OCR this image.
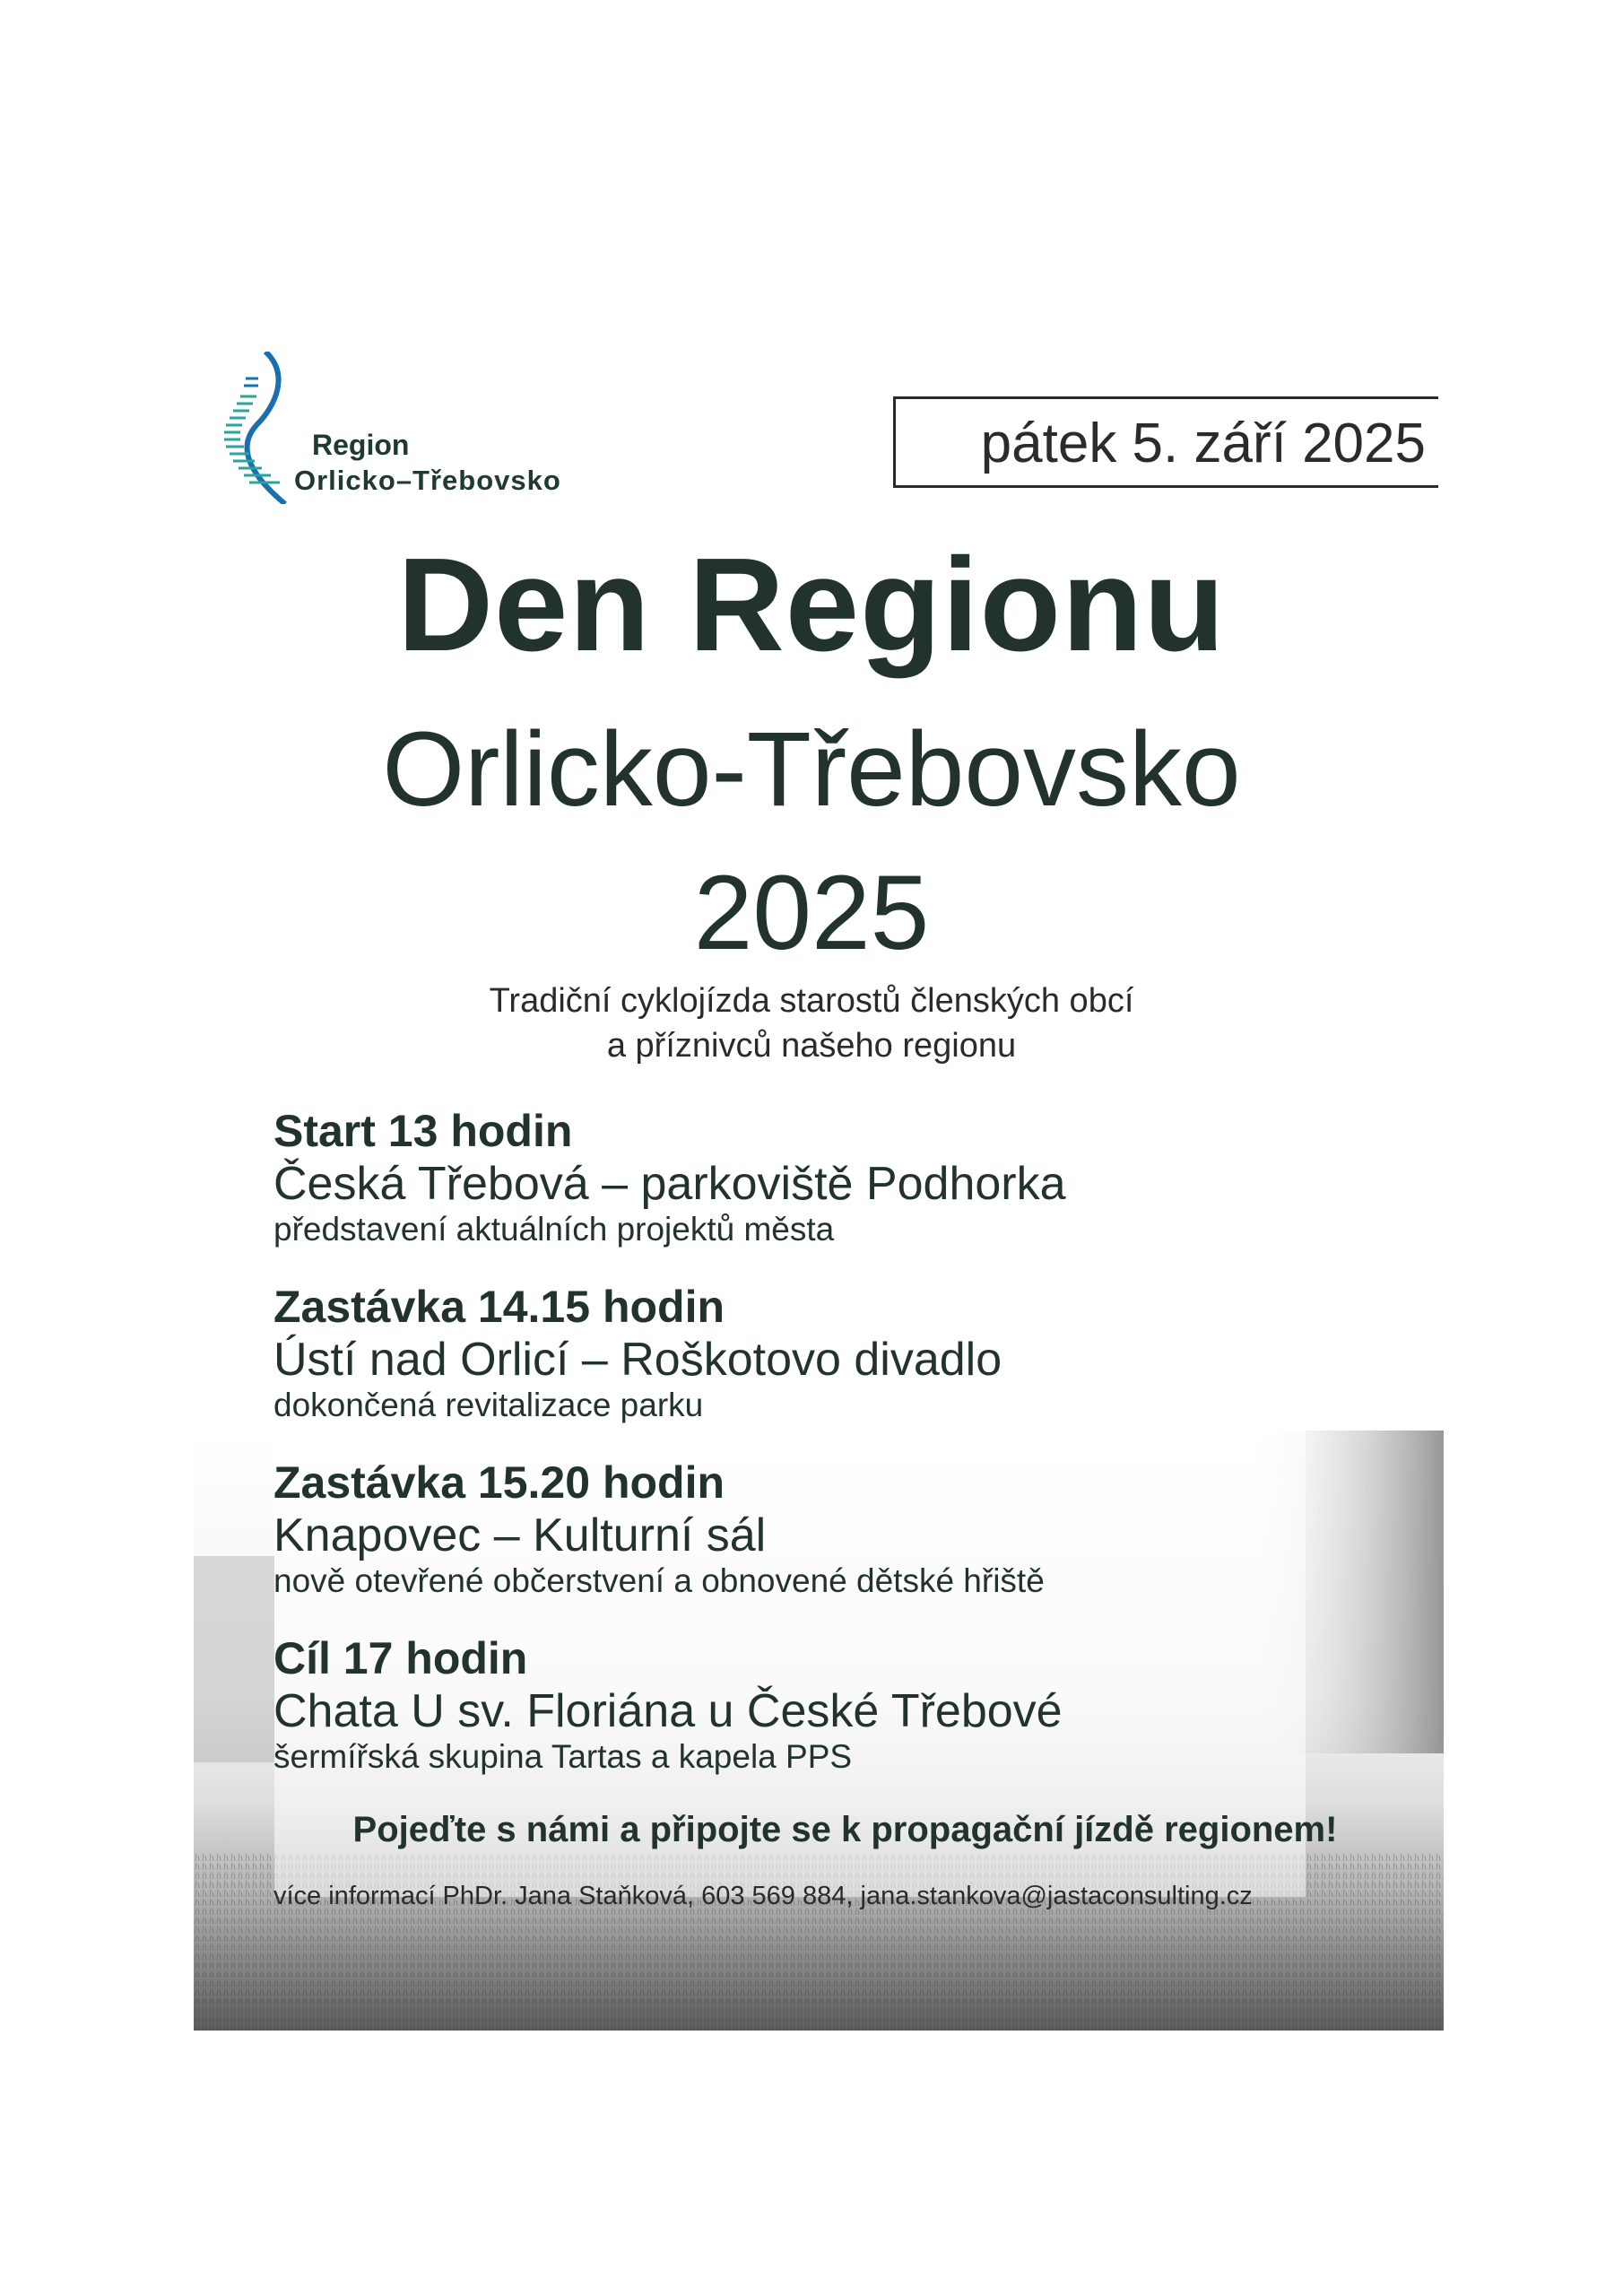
Region
Orlicko–Třebovsko
pátek 5. září 2025
Den Regionu
Orlicko-Třebovsko
2025
Tradiční cyklojízda starostů členských obcí
a příznivců našeho regionu
Start 13 hodin
Česká Třebová – parkoviště Podhorka
představení aktuálních projektů města
Zastávka 14.15 hodin
Ústí nad Orlicí – Roškotovo divadlo
dokončená revitalizace parku
Zastávka 15.20 hodin
Knapovec – Kulturní sál
nově otevřené občerstvení a obnovené dětské hřiště
Cíl 17 hodin
Chata U sv. Floriána u České Třebové
šermířská skupina Tartas a kapela PPS
Pojeďte s námi a připojte se k propagační jízdě regionem!
více informací PhDr. Jana Staňková, 603 569 884, jana.stankova@jastaconsulting.cz
